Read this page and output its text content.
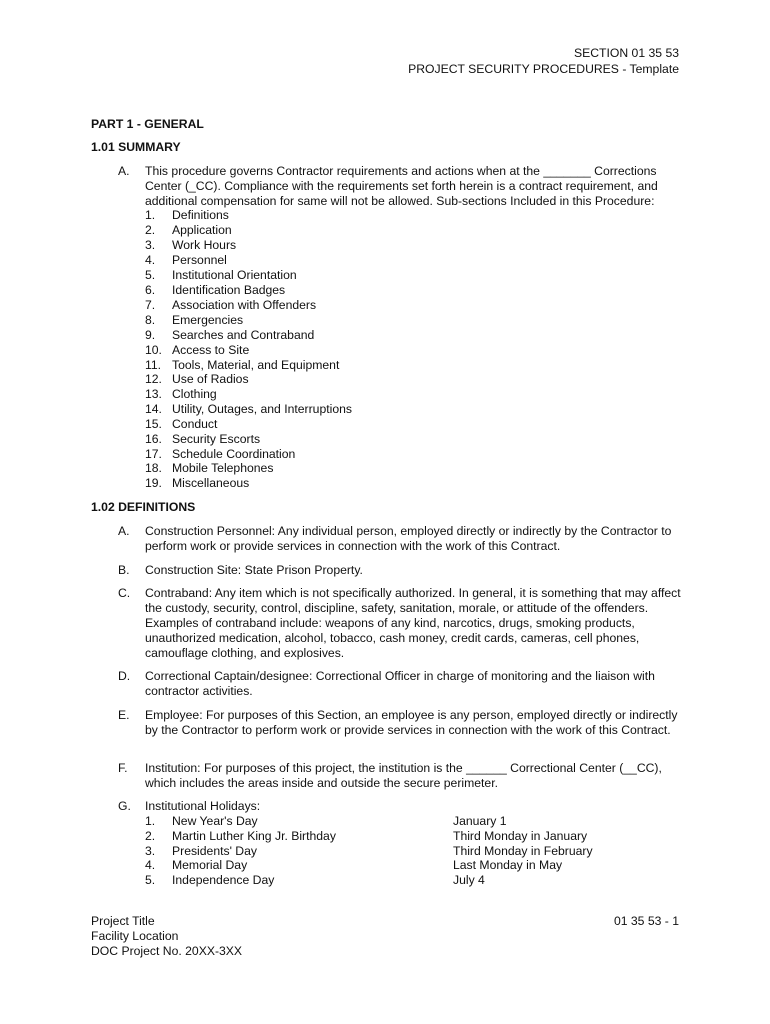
SECTION 01 35 53
PROJECT SECURITY PROCEDURES - Template
PART 1 - GENERAL
1.01 SUMMARY
A. This procedure governs Contractor requirements and actions when at the _______ Corrections Center (_CC). Compliance with the requirements set forth herein is a contract requirement, and additional compensation for same will not be allowed. Sub-sections Included in this Procedure:
1. Definitions
2. Application
3. Work Hours
4. Personnel
5. Institutional Orientation
6. Identification Badges
7. Association with Offenders
8. Emergencies
9. Searches and Contraband
10. Access to Site
11. Tools, Material, and Equipment
12. Use of Radios
13. Clothing
14. Utility, Outages, and Interruptions
15. Conduct
16. Security Escorts
17. Schedule Coordination
18. Mobile Telephones
19. Miscellaneous
1.02 DEFINITIONS
A. Construction Personnel: Any individual person, employed directly or indirectly by the Contractor to perform work or provide services in connection with the work of this Contract.
B. Construction Site: State Prison Property.
C. Contraband: Any item which is not specifically authorized. In general, it is something that may affect the custody, security, control, discipline, safety, sanitation, morale, or attitude of the offenders. Examples of contraband include: weapons of any kind, narcotics, drugs, smoking products, unauthorized medication, alcohol, tobacco, cash money, credit cards, cameras, cell phones, camouflage clothing, and explosives.
D. Correctional Captain/designee: Correctional Officer in charge of monitoring and the liaison with contractor activities.
E. Employee: For purposes of this Section, an employee is any person, employed directly or indirectly by the Contractor to perform work or provide services in connection with the work of this Contract.
F. Institution: For purposes of this project, the institution is the ______ Correctional Center (__CC), which includes the areas inside and outside the secure perimeter.
G. Institutional Holidays:
1. New Year's Day	January 1
2. Martin Luther King Jr. Birthday	Third Monday in January
3. Presidents' Day	Third Monday in February
4. Memorial Day	Last Monday in May
5. Independence Day	July 4
Project Title
Facility Location
DOC Project No. 20XX-3XX
01 35 53 - 1
